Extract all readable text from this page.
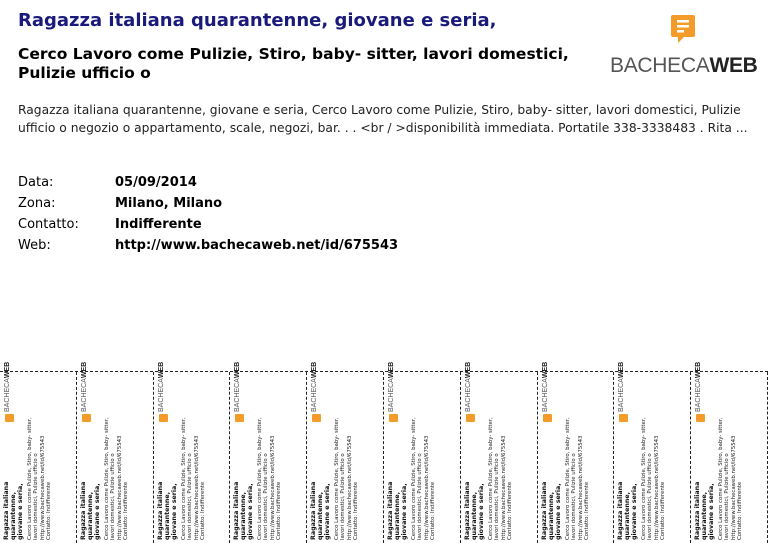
Ragazza italiana quarantenne, giovane e seria,
Cerco Lavoro come Pulizie, Stiro, baby- sitter, lavori domestici, Pulizie ufficio o	BACHECAWEB
Ragazza italiana quarantenne, giovane e seria, Cerco Lavoro come Pulizie, Stiro, baby- sitter, lavori domestici, Pulizie ufficio o negozio o appartamento, scale, negozi, bar. . . <br / >disponibilità immediata. Portatile 338-3338483 . Rita ...
Data:	05/09/2014
Zona:	Milano, Milano
Contatto:	Indifferente
Web:	http://www.bachecaweb.net/id/675543
BACHECAWEB
Ragazza italiana quarantenne, giovane e seria, Cerco Lavoro come Pulizie, Stiro, baby- sitter, lavori domestici, Pulizie ufficio o http://www.bachecaweb.net/id/675543 Contatto: Indifferente
BACHECAWEB
Ragazza italiana quarantenne, giovane e seria, Cerco Lavoro come Pulizie, Stiro, baby- sitter, lavori domestici, Pulizie ufficio o http://www.bachecaweb.net/id/675543 Contatto: Indifferente
BACHECAWEB
Ragazza italiana quarantenne, giovane e seria, Cerco Lavoro come Pulizie, Stiro, baby- sitter, lavori domestici, Pulizie ufficio o http://www.bachecaweb.net/id/675543 Contatto: Indifferente
BACHECAWEB
Ragazza italiana quarantenne, giovane e seria, Cerco Lavoro come Pulizie, Stiro, baby- sitter, lavori domestici, Pulizie ufficio o http://www.bachecaweb.net/id/675543 Contatto: Indifferente
BACHECAWEB
Ragazza italiana quarantenne, giovane e seria, Cerco Lavoro come Pulizie, Stiro, baby- sitter, lavori domestici, Pulizie ufficio o http://www.bachecaweb.net/id/675543 Contatto: Indifferente
BACHECAWEB
Ragazza italiana quarantenne, giovane e seria, Cerco Lavoro come Pulizie, Stiro, baby- sitter, lavori domestici, Pulizie ufficio o http://www.bachecaweb.net/id/675543 Contatto: Indifferente
BACHECAWEB
Ragazza italiana quarantenne, giovane e seria, Cerco Lavoro come Pulizie, Stiro, baby- sitter, lavori domestici, Pulizie ufficio o http://www.bachecaweb.net/id/675543 Contatto: Indifferente
BACHECAWEB
Ragazza italiana quarantenne, giovane e seria, Cerco Lavoro come Pulizie, Stiro, baby- sitter, lavori domestici, Pulizie ufficio o http://www.bachecaweb.net/id/675543 Contatto: Indifferente
BACHECAWEB
Ragazza italiana quarantenne, giovane e seria, Cerco Lavoro come Pulizie, Stiro, baby- sitter, lavori domestici, Pulizie ufficio o http://www.bachecaweb.net/id/675543 Contatto: Indifferente
BACHECAWEB
Ragazza italiana quarantenne, giovane e seria, Cerco Lavoro come Pulizie, Stiro, baby- sitter, lavori domestici, Pulizie ufficio o http://www.bachecaweb.net/id/675543 Contatto: Indifferente
